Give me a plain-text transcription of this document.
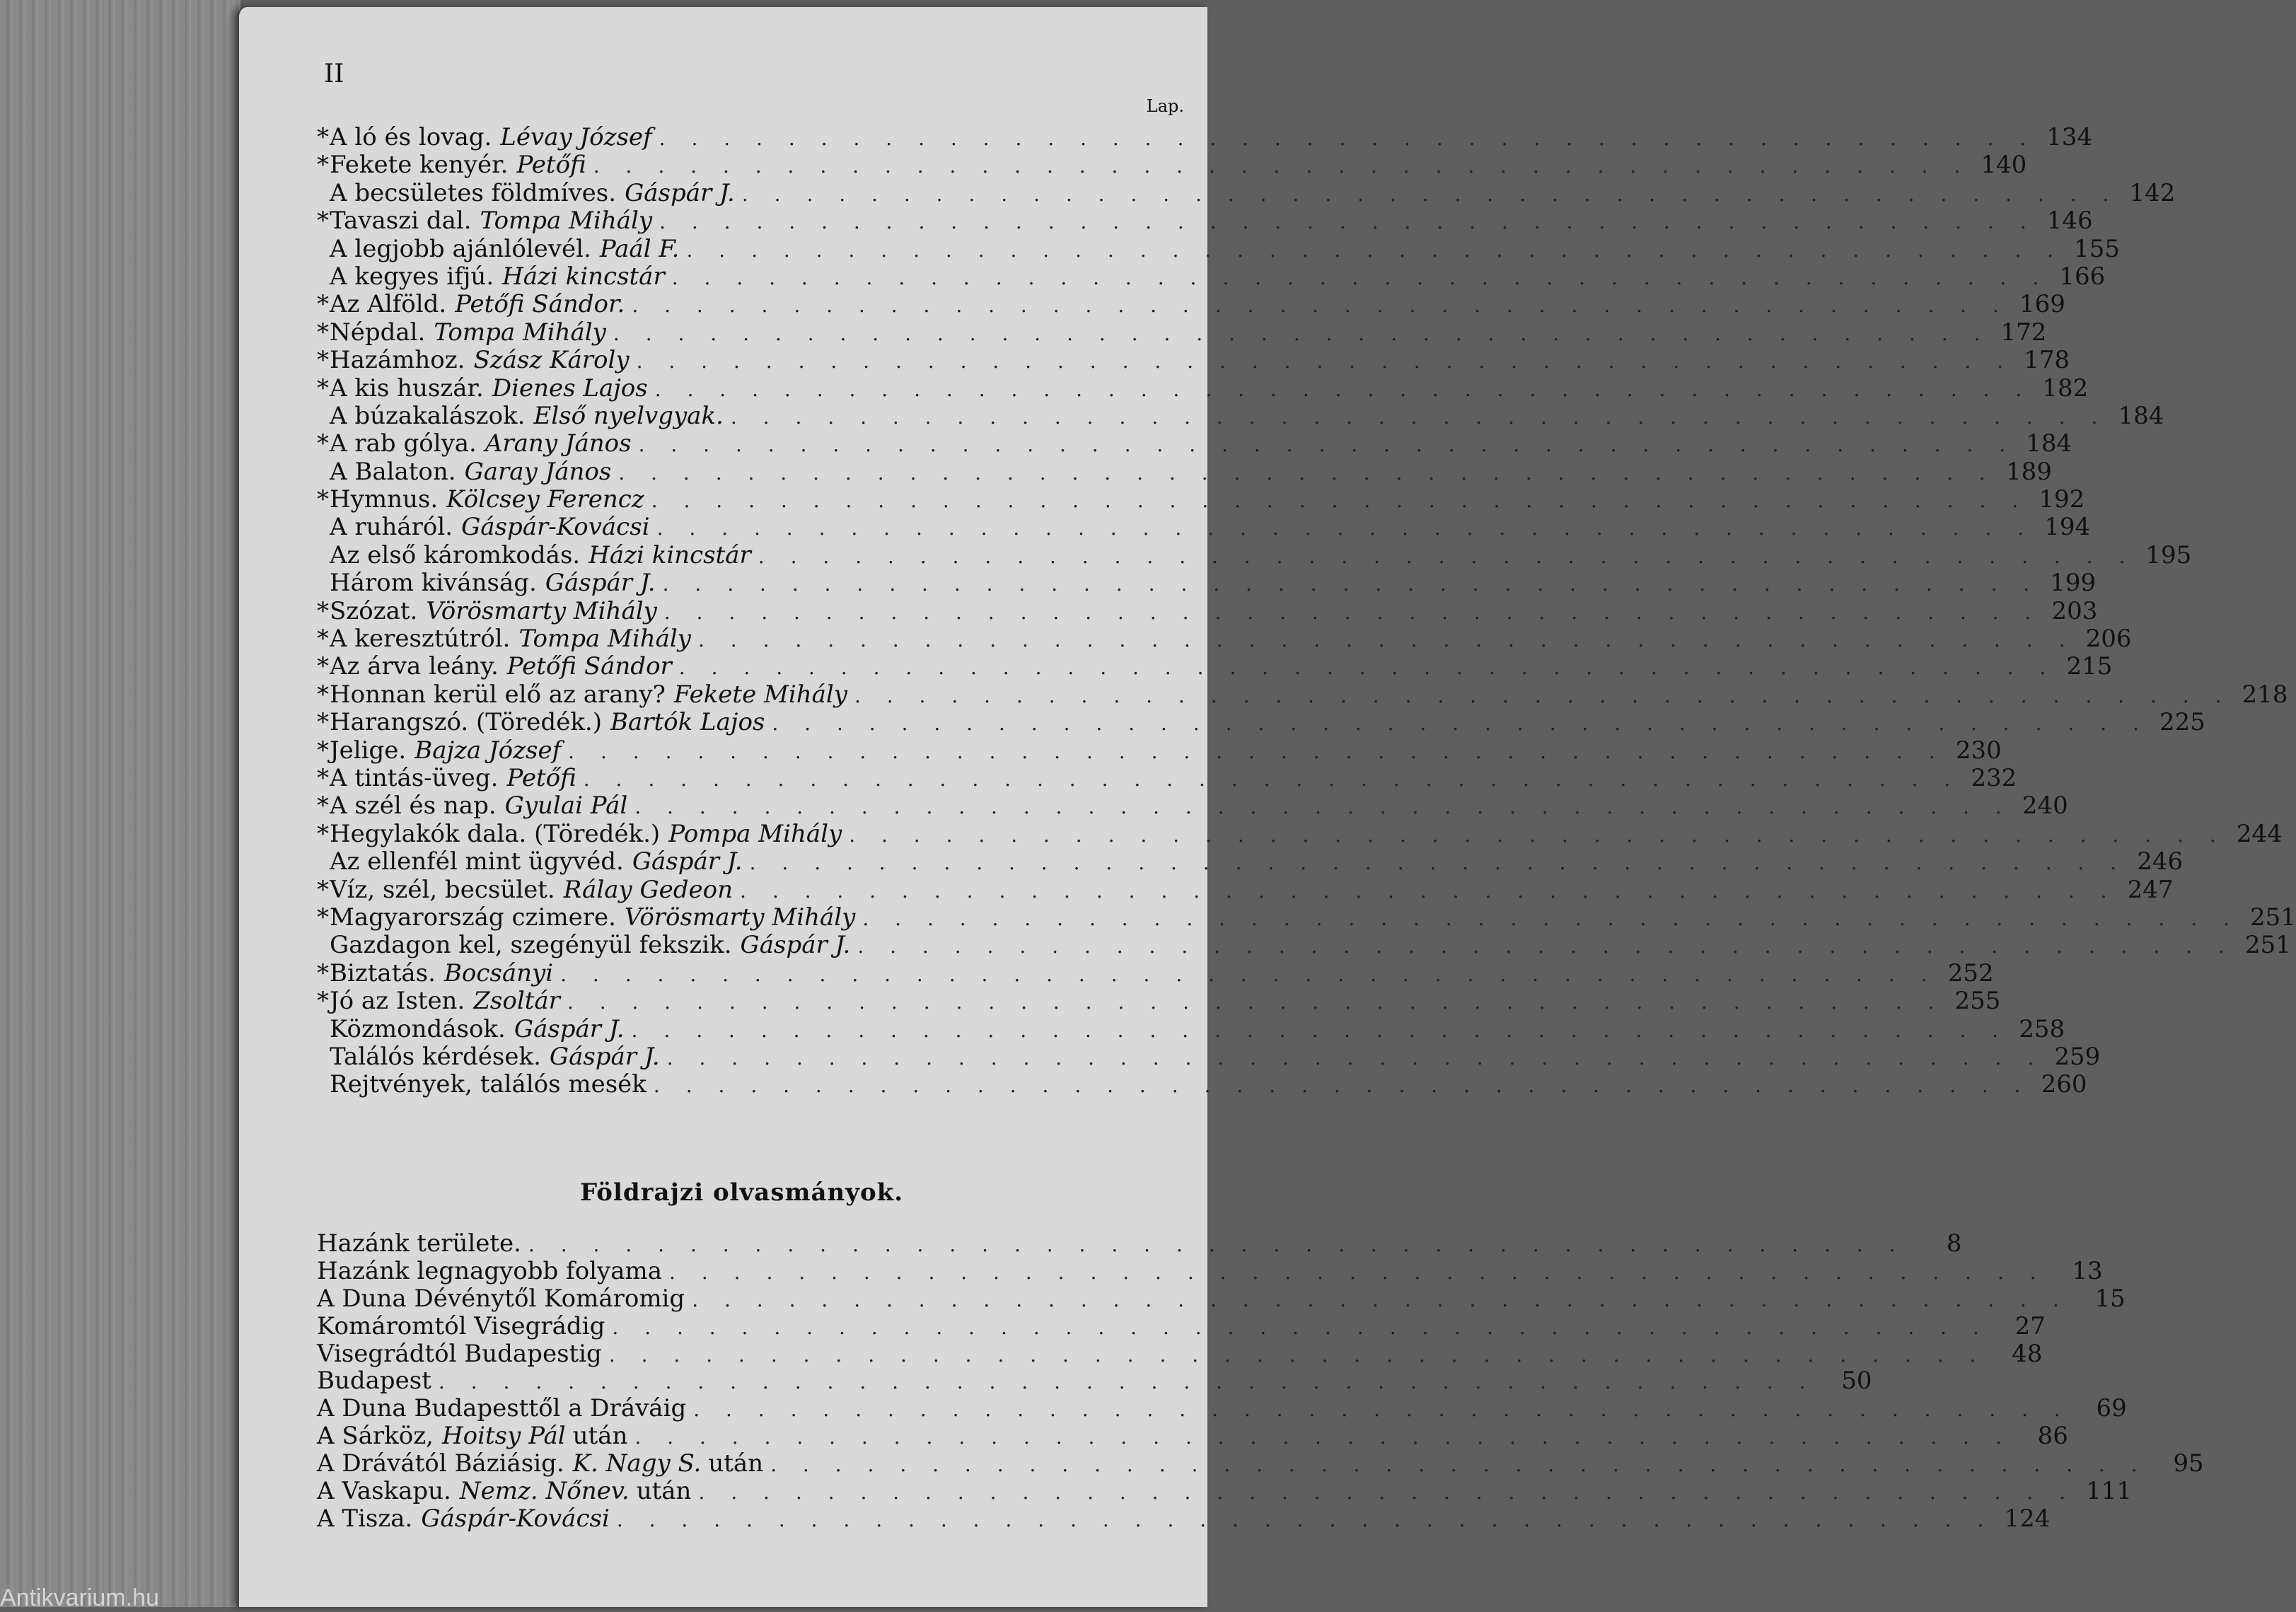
II
Lap.
* A ló és lovag. Lévay József . . . . . . . . . . . . . . . . . . . . . . . . . . . . . . . . . . . . . . . . . . . 134
* Fekete kenyér. Petőfi . . . . . . . . . . . . . . . . . . . . . . . . . . . . . . . . . . . . . . . . . . . 140
A becsületes földmíves. Gáspár J. . . . . . . . . . . . . . . . . . . . . . . . . . . . . . . . . . . . . . . . . . . . 142
* Tavaszi dal. Tompa Mihály . . . . . . . . . . . . . . . . . . . . . . . . . . . . . . . . . . . . . . . . . . . 146
A legjobb ajánlólevél. Paál F. . . . . . . . . . . . . . . . . . . . . . . . . . . . . . . . . . . . . . . . . . . . 155
A kegyes ifjú. Házi kincstár . . . . . . . . . . . . . . . . . . . . . . . . . . . . . . . . . . . . . . . . . . . 166
* Az Alföld. Petőfi Sándor. . . . . . . . . . . . . . . . . . . . . . . . . . . . . . . . . . . . . . . . . . . . 169
* Népdal. Tompa Mihály . . . . . . . . . . . . . . . . . . . . . . . . . . . . . . . . . . . . . . . . . . . 172
* Hazámhoz. Szász Károly . . . . . . . . . . . . . . . . . . . . . . . . . . . . . . . . . . . . . . . . . . . 178
* A kis huszár. Dienes Lajos . . . . . . . . . . . . . . . . . . . . . . . . . . . . . . . . . . . . . . . . . . . 182
A búzakalászok. Első nyelvgyak. . . . . . . . . . . . . . . . . . . . . . . . . . . . . . . . . . . . . . . . . . . . 184
* A rab gólya. Arany János . . . . . . . . . . . . . . . . . . . . . . . . . . . . . . . . . . . . . . . . . . . 184
A Balaton. Garay János . . . . . . . . . . . . . . . . . . . . . . . . . . . . . . . . . . . . . . . . . . . 189
* Hymnus. Kölcsey Ferencz . . . . . . . . . . . . . . . . . . . . . . . . . . . . . . . . . . . . . . . . . . . 192
A ruháról. Gáspár-Kovácsi . . . . . . . . . . . . . . . . . . . . . . . . . . . . . . . . . . . . . . . . . . . 194
Az első káromkodás. Házi kincstár . . . . . . . . . . . . . . . . . . . . . . . . . . . . . . . . . . . . . . . . . . . 195
Három kivánság. Gáspár J. . . . . . . . . . . . . . . . . . . . . . . . . . . . . . . . . . . . . . . . . . . . 199
* Szózat. Vörösmarty Mihály . . . . . . . . . . . . . . . . . . . . . . . . . . . . . . . . . . . . . . . . . . . 203
* A keresztútról. Tompa Mihály . . . . . . . . . . . . . . . . . . . . . . . . . . . . . . . . . . . . . . . . . . . 206
* Az árva leány. Petőfi Sándor . . . . . . . . . . . . . . . . . . . . . . . . . . . . . . . . . . . . . . . . . . . 215
* Honnan kerül elő az arany? Fekete Mihály . . . . . . . . . . . . . . . . . . . . . . . . . . . . . . . . . . . . . . . . . . . 218
* Harangszó. (Töredék.) Bartók Lajos . . . . . . . . . . . . . . . . . . . . . . . . . . . . . . . . . . . . . . . . . . . 225
* Jelige. Bajza József . . . . . . . . . . . . . . . . . . . . . . . . . . . . . . . . . . . . . . . . . . . 230
* A tintás-üveg. Petőfi . . . . . . . . . . . . . . . . . . . . . . . . . . . . . . . . . . . . . . . . . . . 232
* A szél és nap. Gyulai Pál . . . . . . . . . . . . . . . . . . . . . . . . . . . . . . . . . . . . . . . . . . . 240
* Hegylakók dala. (Töredék.) Pompa Mihály . . . . . . . . . . . . . . . . . . . . . . . . . . . . . . . . . . . . . . . . . . . 244
Az ellenfél mint ügyvéd. Gáspár J. . . . . . . . . . . . . . . . . . . . . . . . . . . . . . . . . . . . . . . . . . . . 246
* Víz, szél, becsület. Rálay Gedeon . . . . . . . . . . . . . . . . . . . . . . . . . . . . . . . . . . . . . . . . . . . 247
* Magyarország czimere. Vörösmarty Mihály . . . . . . . . . . . . . . . . . . . . . . . . . . . . . . . . . . . . . . . . . . . 251
Gazdagon kel, szegényül fekszik. Gáspár J. . . . . . . . . . . . . . . . . . . . . . . . . . . . . . . . . . . . . . . . . . . . 251
* Biztatás. Bocsányi . . . . . . . . . . . . . . . . . . . . . . . . . . . . . . . . . . . . . . . . . . . 252
* Jó az Isten. Zsoltár . . . . . . . . . . . . . . . . . . . . . . . . . . . . . . . . . . . . . . . . . . . 255
Közmondások. Gáspár J. . . . . . . . . . . . . . . . . . . . . . . . . . . . . . . . . . . . . . . . . . . . 258
Találós kérdések. Gáspár J. . . . . . . . . . . . . . . . . . . . . . . . . . . . . . . . . . . . . . . . . . . . 259
Rejtvények, találós mesék . . . . . . . . . . . . . . . . . . . . . . . . . . . . . . . . . . . . . . . . . . . 260
Földrajzi olvasmányok.
Hazánk területe. . . . . . . . . . . . . . . . . . . . . . . . . . . . . . . . . . . . . . . . . . . .	8
Hazánk legnagyobb folyama . . . . . . . . . . . . . . . . . . . . . . . . . . . . . . . . . . . . . . . . . . .	13
A Duna Dévénytől Komáromig . . . . . . . . . . . . . . . . . . . . . . . . . . . . . . . . . . . . . . . . . . .	15
Komáromtól Visegrádig . . . . . . . . . . . . . . . . . . . . . . . . . . . . . . . . . . . . . . . . . . .	27
Visegrádtól Budapestig . . . . . . . . . . . . . . . . . . . . . . . . . . . . . . . . . . . . . . . . . . .	48
Budapest . . . . . . . . . . . . . . . . . . . . . . . . . . . . . . . . . . . . . . . . . . .	50
A Duna Budapesttől a Dráváig . . . . . . . . . . . . . . . . . . . . . . . . . . . . . . . . . . . . . . . . . . .	69
A Sárköz, Hoitsy Pál után . . . . . . . . . . . . . . . . . . . . . . . . . . . . . . . . . . . . . . . . . . .	86
A Drávától Báziásig. K. Nagy S. után . . . . . . . . . . . . . . . . . . . . . . . . . . . . . . . . . . . . . . . . . . .	95
A Vaskapu. Nemz. Nőnev. után . . . . . . . . . . . . . . . . . . . . . . . . . . . . . . . . . . . . . . . . . . . 111
A Tisza. Gáspár-Kovácsi . . . . . . . . . . . . . . . . . . . . . . . . . . . . . . . . . . . . . . . . . . . 124
Antikvarium.hu
